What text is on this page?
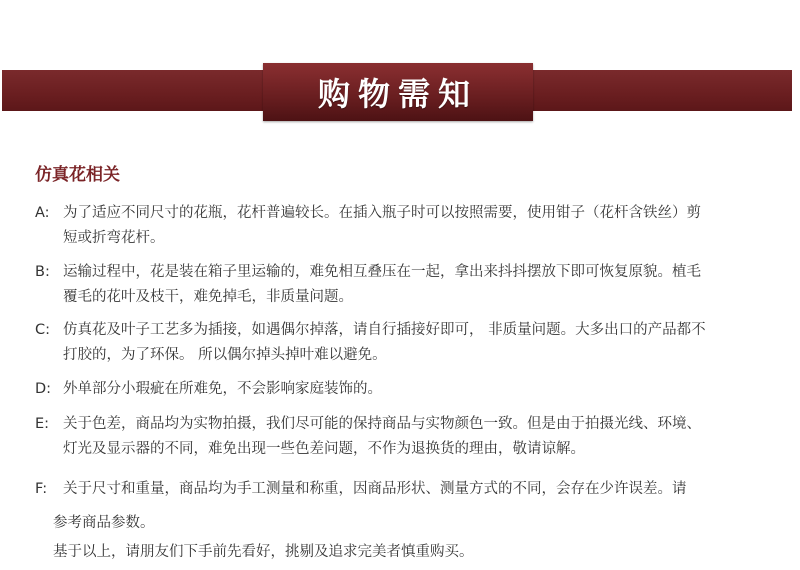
购物需知
仿真花相关
A: 为了适应不同尺寸的花瓶，花杆普遍较长。在插入瓶子时可以按照需要，使用钳子（花杆含铁丝）剪
短或折弯花杆。
B: 运输过程中，花是装在箱子里运输的，难免相互叠压在一起，拿出来抖抖摆放下即可恢复原貌。植毛
覆毛的花叶及枝干，难免掉毛，非质量问题。
C: 仿真花及叶子工艺多为插接，如遇偶尔掉落，请自行插接好即可， 非质量问题。大多出口的产品都不
打胶的，为了环保。 所以偶尔掉头掉叶难以避免。
D: 外单部分小瑕疵在所难免，不会影响家庭装饰的。
E: 关于色差，商品均为实物拍摄，我们尽可能的保持商品与实物颜色一致。但是由于拍摄光线、环境、
灯光及显示器的不同，难免出现一些色差问题，不作为退换货的理由，敬请谅解。
F: 关于尺寸和重量，商品均为手工测量和称重，因商品形状、测量方式的不同，会存在少许误差。请
参考商品参数。
基于以上，请朋友们下手前先看好，挑剔及追求完美者慎重购买。
